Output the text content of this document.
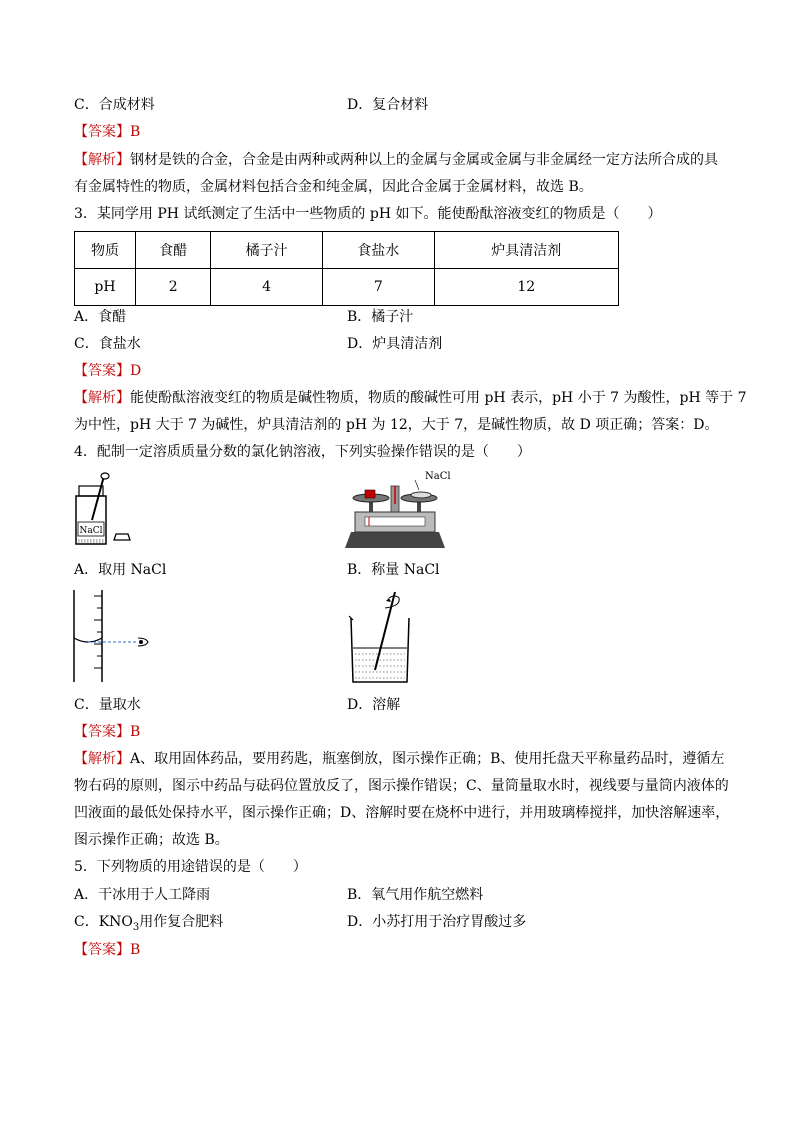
C．合成材料	D．复合材料
【答案】B
【解析】钢材是铁的合金，合金是由两种或两种以上的金属与金属或金属与非金属经一定方法所合成的具
有金属特性的物质，金属材料包括合金和纯金属，因此合金属于金属材料，故选 B。
3．某同学用 PH 试纸测定了生活中一些物质的 pH 如下。能使酚酞溶液变红的物质是（　　）
物质	食醋	橘子汁	食盐水	炉具清洁剂
pH	2	4	7	12
A．食醋	B．橘子汁
C．食盐水	D．炉具清洁剂
【答案】D
【解析】能使酚酞溶液变红的物质是碱性物质，物质的酸碱性可用 pH 表示，pH 小于 7 为酸性，pH 等于 7
为中性，pH 大于 7 为碱性，炉具清洁剂的 pH 为 12，大于 7，是碱性物质，故 D 项正确；答案：D。
4．配制一定溶质质量分数的氯化钠溶液，下列实验操作错误的是（　　）
NaCl
NaCl
A．取用 NaCl	B．称量 NaCl
C．量取水	D．溶解
【答案】B
【解析】A、取用固体药品，要用药匙，瓶塞倒放，图示操作正确；B、使用托盘天平称量药品时，遵循左
物右码的原则，图示中药品与砝码位置放反了，图示操作错误；C、量筒量取水时，视线要与量筒内液体的
凹液面的最低处保持水平，图示操作正确；D、溶解时要在烧杯中进行，并用玻璃棒搅拌，加快溶解速率，
图示操作正确；故选 B。
5．下列物质的用途错误的是（　　）
A．干冰用于人工降雨	B．氧气用作航空燃料
C．$KNO_3$用作复合肥料	D．小苏打用于治疗胃酸过多
【答案】B
